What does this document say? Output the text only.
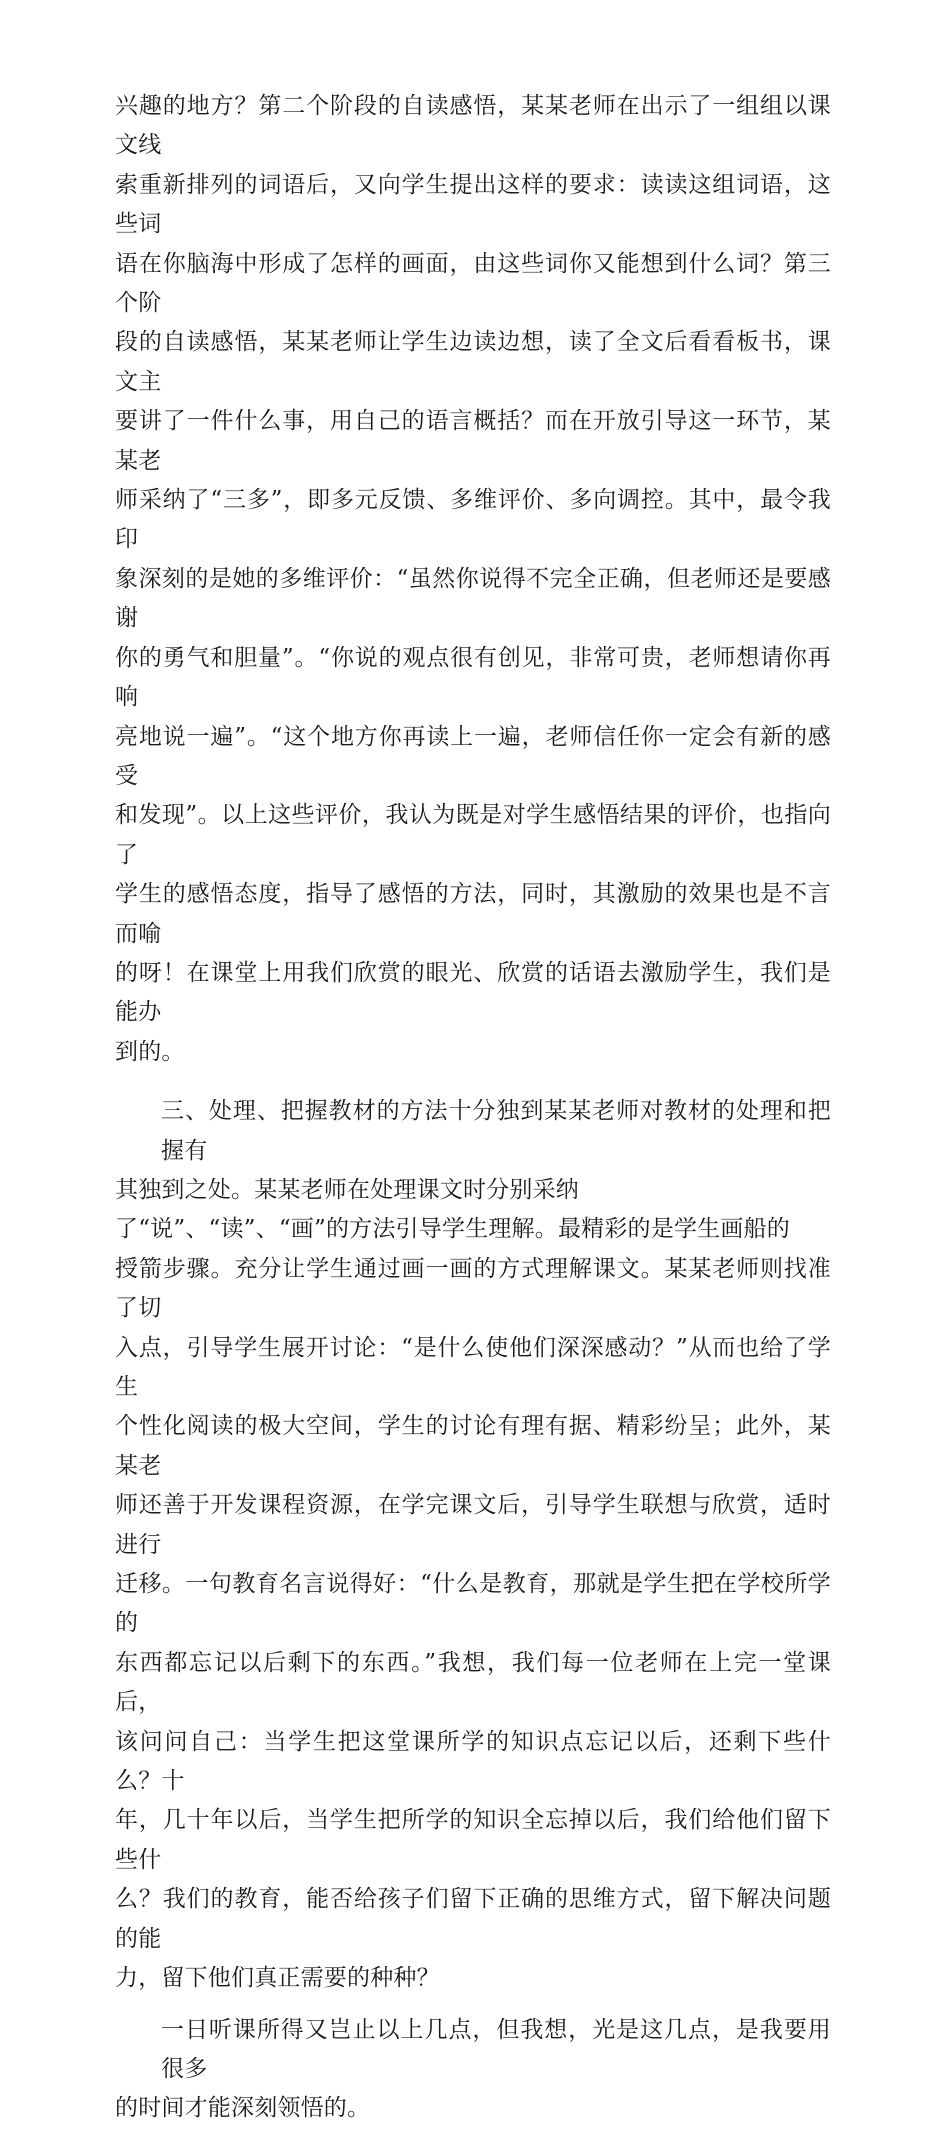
兴趣的地方？第二个阶段的自读感悟，某某老师在出示了一组组以课文线
索重新排列的词语后，又向学生提出这样的要求：读读这组词语，这些词
语在你脑海中形成了怎样的画面，由这些词你又能想到什么词？第三个阶
段的自读感悟，某某老师让学生边读边想，读了全文后看看板书，课文主
要讲了一件什么事，用自己的语言概括？而在开放引导这一环节，某某老
师采纳了“三多”，即多元反馈、多维评价、多向调控。其中，最令我印
象深刻的是她的多维评价：“虽然你说得不完全正确，但老师还是要感谢
你的勇气和胆量”。“你说的观点很有创见，非常可贵，老师想请你再响
亮地说一遍”。“这个地方你再读上一遍，老师信任你一定会有新的感受
和发现”。以上这些评价，我认为既是对学生感悟结果的评价，也指向了
学生的感悟态度，指导了感悟的方法，同时，其激励的效果也是不言而喻
的呀！在课堂上用我们欣赏的眼光、欣赏的话语去激励学生，我们是能办
到的。

三、处理、把握教材的方法十分独到某某老师对教材的处理和把握有
其独到之处。某某老师在处理课文时分别采纳
了“说”、“读”、“画”的方法引导学生理解。最精彩的是学生画船的
授箭步骤。充分让学生通过画一画的方式理解课文。某某老师则找准了切
入点，引导学生展开讨论：“是什么使他们深深感动？”从而也给了学生
个性化阅读的极大空间，学生的讨论有理有据、精彩纷呈；此外，某某老
师还善于开发课程资源，在学完课文后，引导学生联想与欣赏，适时进行
迁移。一句教育名言说得好：“什么是教育，那就是学生把在学校所学的
东西都忘记以后剩下的东西。”我想，我们每一位老师在上完一堂课后，
该问问自己：当学生把这堂课所学的知识点忘记以后，还剩下些什么？十
年，几十年以后，当学生把所学的知识全忘掉以后，我们给他们留下些什
么？我们的教育，能否给孩子们留下正确的思维方式，留下解决问题的能
力，留下他们真正需要的种种？

一日听课所得又岂止以上几点，但我想，光是这几点，是我要用很多
的时间才能深刻领悟的。
